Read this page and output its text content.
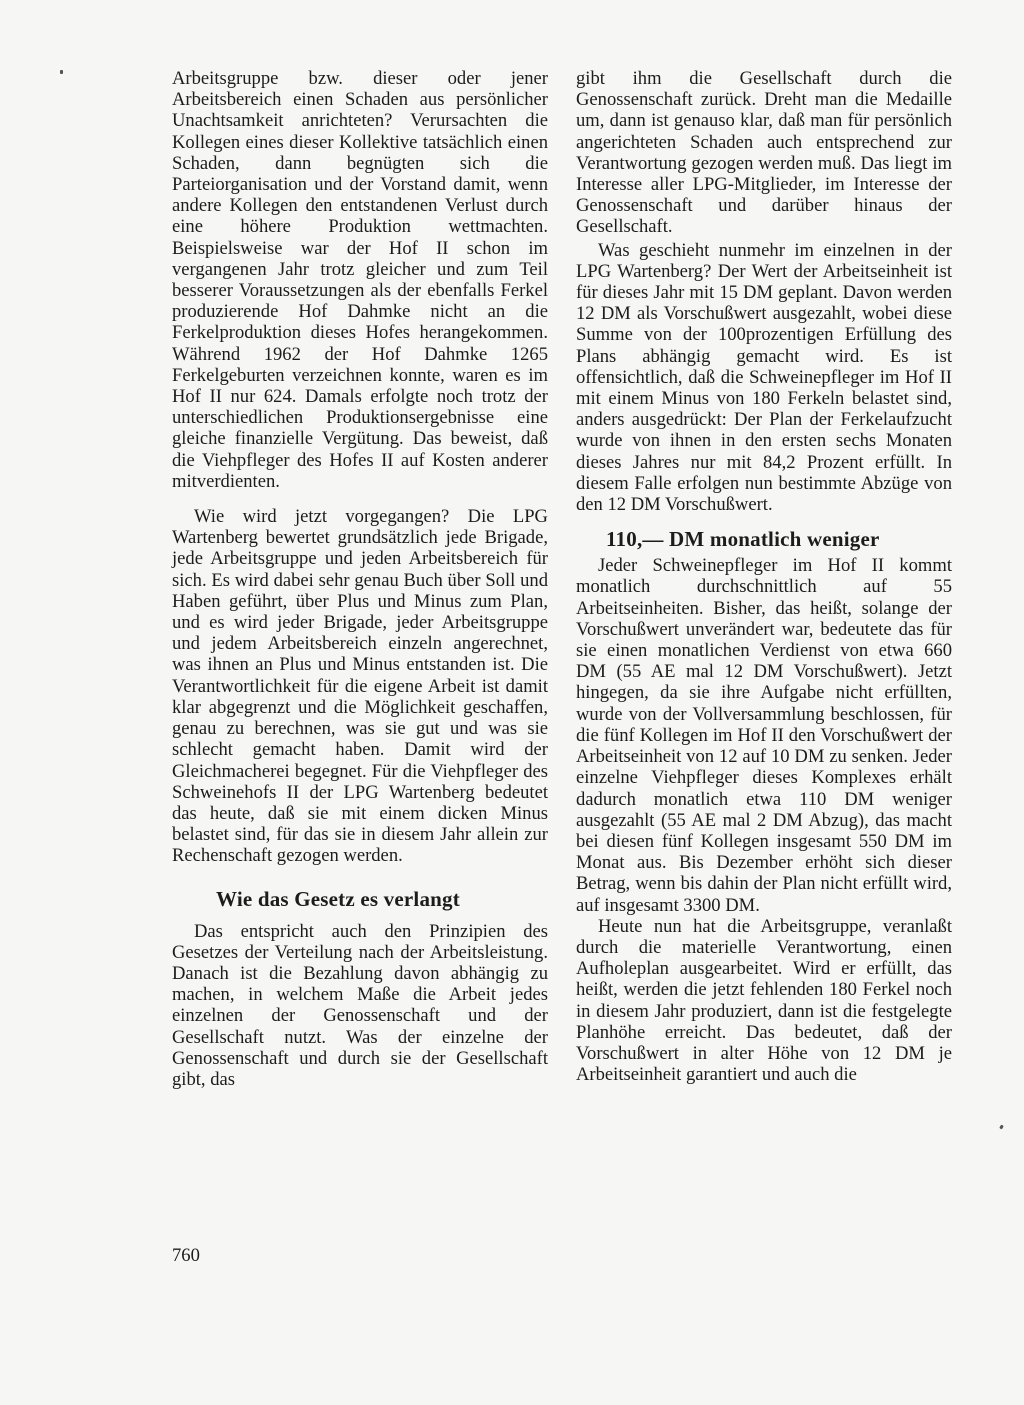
Arbeitsgruppe bzw. dieser oder jener Arbeitsbereich einen Schaden aus persönlicher Unachtsamkeit anrichteten? Verursachten die Kollegen eines dieser Kollektive tatsächlich einen Schaden, dann begnügten sich die Parteiorganisation und der Vorstand damit, wenn andere Kollegen den entstandenen Verlust durch eine höhere Produktion wettmachten. Beispielsweise war der Hof II schon im vergangenen Jahr trotz gleicher und zum Teil besserer Voraussetzungen als der ebenfalls Ferkel produzierende Hof Dahmke nicht an die Ferkelproduktion dieses Hofes herangekommen. Während 1962 der Hof Dahmke 1265 Ferkelgeburten verzeichnen konnte, waren es im Hof II nur 624. Damals erfolgte noch trotz der unterschiedlichen Produktionsergebnisse eine gleiche finanzielle Vergütung. Das beweist, daß die Viehpfleger des Hofes II auf Kosten anderer mitverdienten.

Wie wird jetzt vorgegangen? Die LPG Wartenberg bewertet grundsätzlich jede Brigade, jede Arbeitsgruppe und jeden Arbeitsbereich für sich. Es wird dabei sehr genau Buch über Soll und Haben geführt, über Plus und Minus zum Plan, und es wird jeder Brigade, jeder Arbeitsgruppe und jedem Arbeitsbereich einzeln angerechnet, was ihnen an Plus und Minus entstanden ist. Die Verantwortlichkeit für die eigene Arbeit ist damit klar abgegrenzt und die Möglichkeit geschaffen, genau zu berechnen, was sie gut und was sie schlecht gemacht haben. Damit wird der Gleichmacherei begegnet. Für die Viehpfleger des Schweinehofs II der LPG Wartenberg bedeutet das heute, daß sie mit einem dicken Minus belastet sind, für das sie in diesem Jahr allein zur Rechenschaft gezogen werden.

Wie das Gesetz es verlangt

Das entspricht auch den Prinzipien des Gesetzes der Verteilung nach der Arbeitsleistung. Danach ist die Bezahlung davon abhängig zu machen, in welchem Maße die Arbeit jedes einzelnen der Genossenschaft und der Gesellschaft nutzt. Was der einzelne der Genossenschaft und durch sie der Gesellschaft gibt, das

gibt ihm die Gesellschaft durch die Genossenschaft zurück. Dreht man die Medaille um, dann ist genauso klar, daß man für persönlich angerichteten Schaden auch entsprechend zur Verantwortung gezogen werden muß. Das liegt im Interesse aller LPG-Mitglieder, im Interesse der Genossenschaft und darüber hinaus der Gesellschaft.

Was geschieht nunmehr im einzelnen in der LPG Wartenberg? Der Wert der Arbeitseinheit ist für dieses Jahr mit 15 DM geplant. Davon werden 12 DM als Vorschußwert ausgezahlt, wobei diese Summe von der 100prozentigen Erfüllung des Plans abhängig gemacht wird. Es ist offensichtlich, daß die Schweinepfleger im Hof II mit einem Minus von 180 Ferkeln belastet sind, anders ausgedrückt: Der Plan der Ferkelaufzucht wurde von ihnen in den ersten sechs Monaten dieses Jahres nur mit 84,2 Prozent erfüllt. In diesem Falle erfolgen nun bestimmte Abzüge von den 12 DM Vorschußwert.

110,— DM monatlich weniger

Jeder Schweinepfleger im Hof II kommt monatlich durchschnittlich auf 55 Arbeitseinheiten. Bisher, das heißt, solange der Vorschußwert unverändert war, bedeutete das für sie einen monatlichen Verdienst von etwa 660 DM (55 AE mal 12 DM Vorschußwert). Jetzt hingegen, da sie ihre Aufgabe nicht erfüllten, wurde von der Vollversammlung beschlossen, für die fünf Kollegen im Hof II den Vorschußwert der Arbeitseinheit von 12 auf 10 DM zu senken. Jeder einzelne Viehpfleger dieses Komplexes erhält dadurch monatlich etwa 110 DM weniger ausgezahlt (55 AE mal 2 DM Abzug), das macht bei diesen fünf Kollegen insgesamt 550 DM im Monat aus. Bis Dezember erhöht sich dieser Betrag, wenn bis dahin der Plan nicht erfüllt wird, auf insgesamt 3300 DM.

Heute nun hat die Arbeitsgruppe, veranlaßt durch die materielle Verantwortung, einen Aufholeplan ausgearbeitet. Wird er erfüllt, das heißt, werden die jetzt fehlenden 180 Ferkel noch in diesem Jahr produziert, dann ist die festgelegte Planhöhe erreicht. Das bedeutet, daß der Vorschußwert in alter Höhe von 12 DM je Arbeitseinheit garantiert und auch die

760
